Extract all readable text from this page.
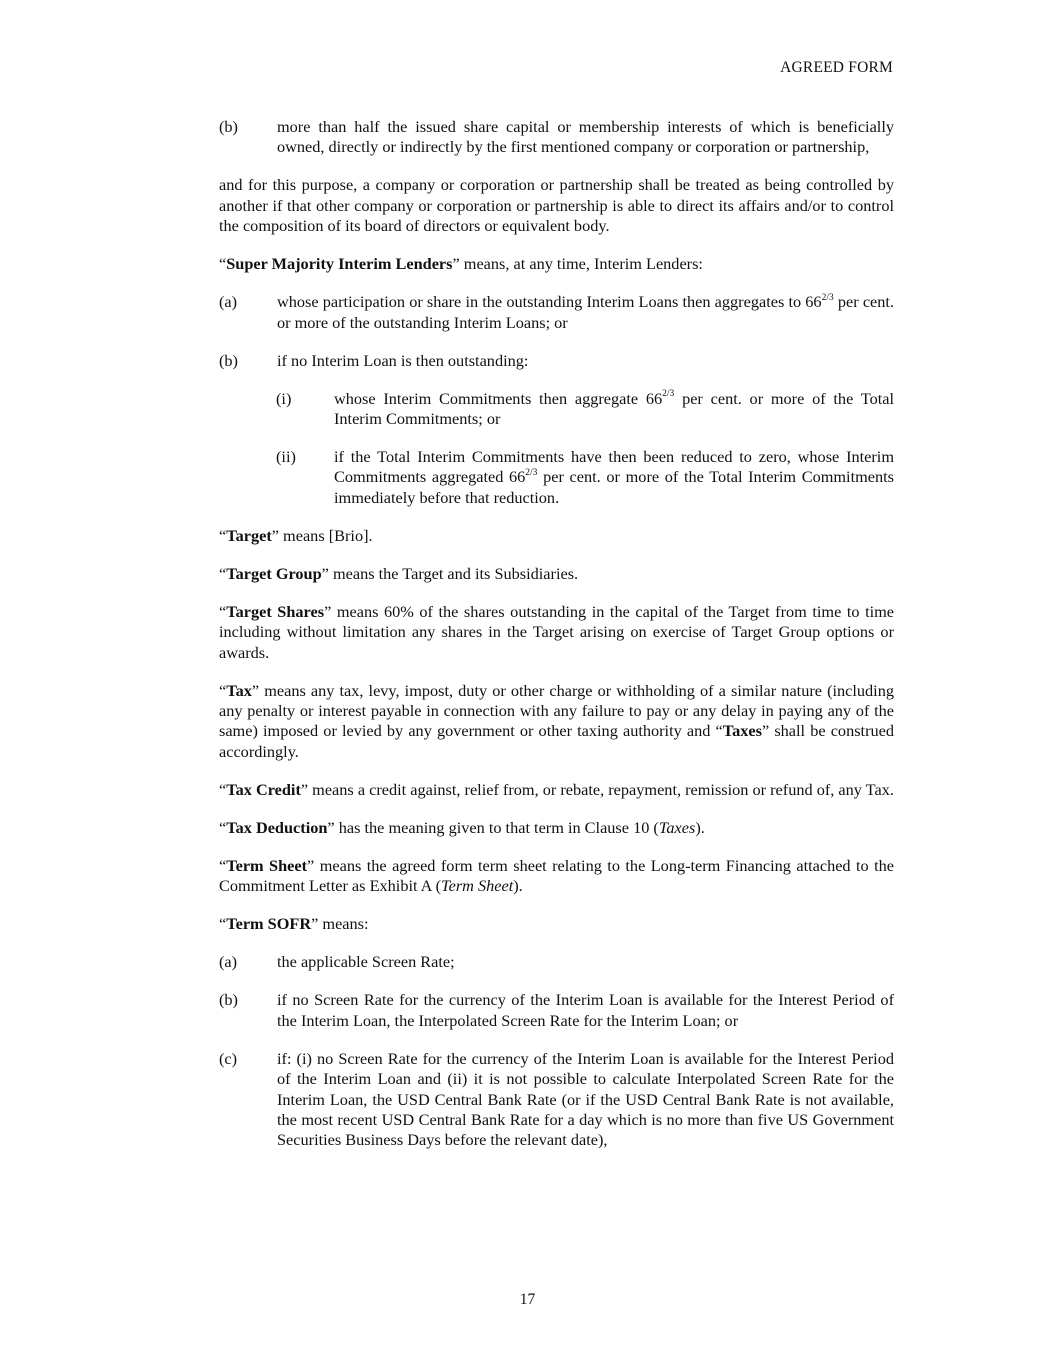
AGREED FORM
(b) more than half the issued share capital or membership interests of which is beneficially owned, directly or indirectly by the first mentioned company or corporation or partnership,

and for this purpose, a company or corporation or partnership shall be treated as being controlled by another if that other company or corporation or partnership is able to direct its affairs and/or to control the composition of its board of directors or equivalent body.

“Super Majority Interim Lenders” means, at any time, Interim Lenders:

(a) whose participation or share in the outstanding Interim Loans then aggregates to $66^{2/3}$ per cent. or more of the outstanding Interim Loans; or
(b) if no Interim Loan is then outstanding:
(i)	whose Interim Commitments then aggregate $66^{2/3}$ per cent. or more of the Total Interim Commitments; or
(ii) if the Total Interim Commitments have then been reduced to zero, whose Interim Commitments aggregated $66^{2/3}$ per cent. or more of the Total Interim Commitments immediately before that reduction.

“Target” means [Brio].

“Target Group” means the Target and its Subsidiaries.

“Target Shares” means 60% of the shares outstanding in the capital of the Target from time to time including without limitation any shares in the Target arising on exercise of Target Group options or awards.

“Tax” means any tax, levy, impost, duty or other charge or withholding of a similar nature (including any penalty or interest payable in connection with any failure to pay or any delay in paying any of the same) imposed or levied by any government or other taxing authority and “Taxes” shall be construed accordingly.

“Tax Credit” means a credit against, relief from, or rebate, repayment, remission or refund of, any Tax.

“Tax Deduction” has the meaning given to that term in Clause 10 (Taxes).

“Term Sheet” means the agreed form term sheet relating to the Long-term Financing attached to the Commitment Letter as Exhibit A (Term Sheet).

“Term SOFR” means:

(a) the applicable Screen Rate;
(b) if no Screen Rate for the currency of the Interim Loan is available for the Interest Period of the Interim Loan, the Interpolated Screen Rate for the Interim Loan; or
(c) if: (i) no Screen Rate for the currency of the Interim Loan is available for the Interest Period of the Interim Loan and (ii) it is not possible to calculate Interpolated Screen Rate for the Interim Loan, the USD Central Bank Rate (or if the USD Central Bank Rate is not available, the most recent USD Central Bank Rate for a day which is no more than five US Government Securities Business Days before the relevant date),
17
